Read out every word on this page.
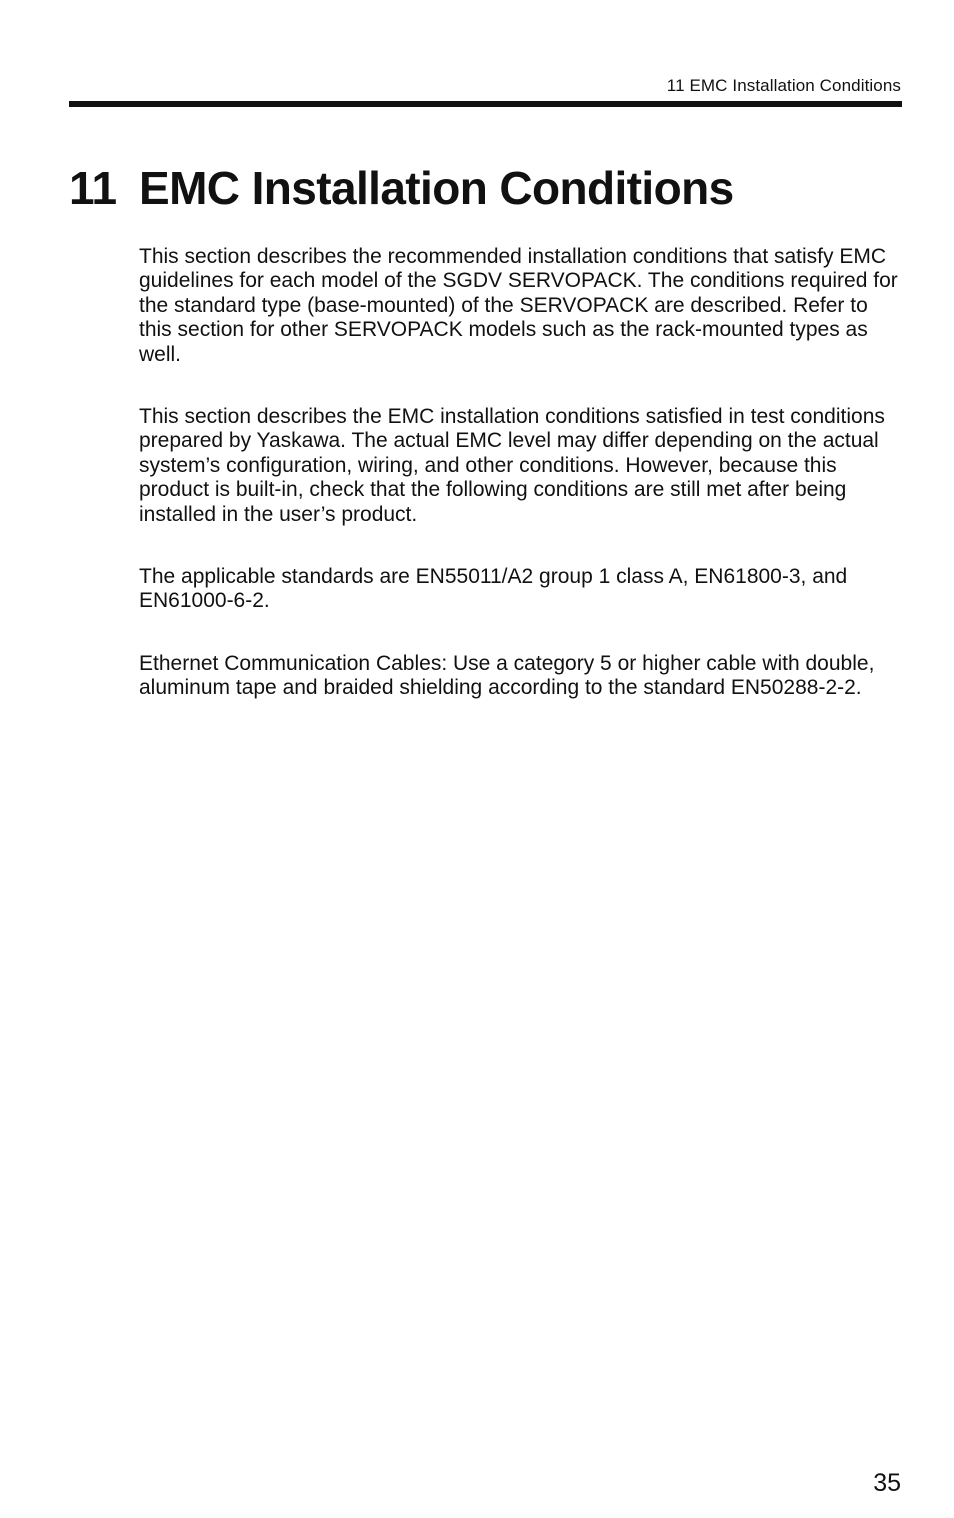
11 EMC Installation Conditions
11 EMC Installation Conditions

This section describes the recommended installation conditions that satisfy EMC guidelines for each model of the SGDV SERVOPACK. The conditions required for the standard type (base-mounted) of the SERVOPACK are described. Refer to this section for other SERVOPACK models such as the rack-mounted types as well.

This section describes the EMC installation conditions satisfied in test conditions prepared by Yaskawa. The actual EMC level may differ depending on the actual system’s configuration, wiring, and other conditions. However, because this product is built-in, check that the following conditions are still met after being installed in the user’s product.

The applicable standards are EN55011/A2 group 1 class A, EN61800-3, and EN61000-6-2.

Ethernet Communication Cables: Use a category 5 or higher cable with double, aluminum tape and braided shielding according to the standard EN50288-2-2.

35
